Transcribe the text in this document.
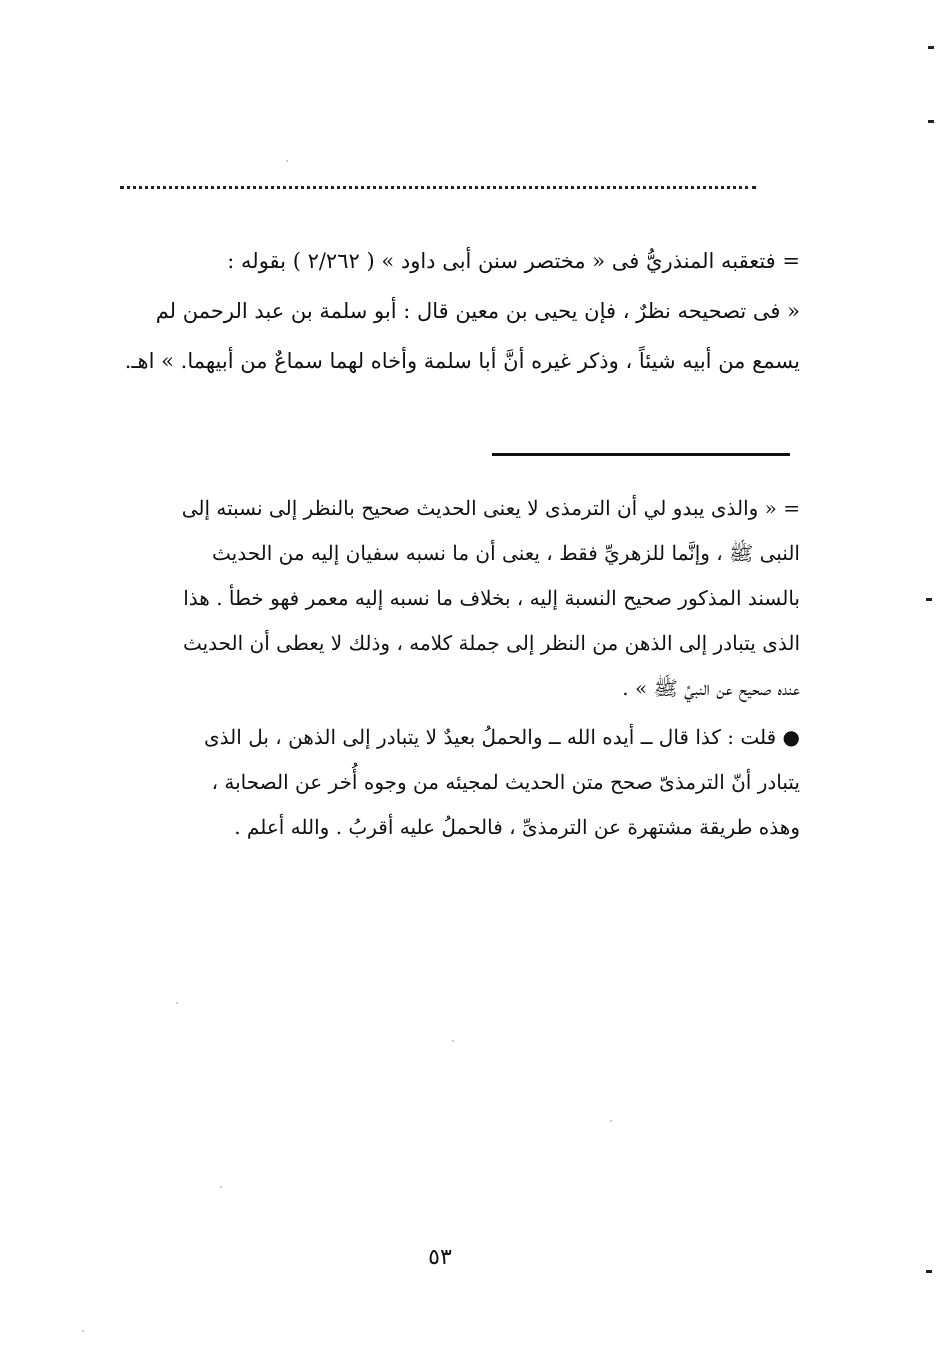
= فتعقبه المنذريُّ فى « مختصر سنن أبى داود » ( ٢/٢٦٢ ) بقوله :
« فى تصحيحه نظرٌ ، فإن يحيى بن معين قال : أبو سلمة بن عبد الرحمن لم
يسمع من أبيه شيئاً ، وذكر غيره أنَّ أبا سلمة وأخاه لهما سماعٌ من أبيهما. » اهـ.
= « والذى يبدو لي أن الترمذى لا يعنى الحديث صحيح بالنظر إلى نسبته إلى
النبى ﷺ ، وإنَّما للزهريِّ فقط ، يعنى أن ما نسبه سفيان إليه من الحديث
بالسند المذكور صحيح النسبة إليه ، بخلاف ما نسبه إليه معمر فهو خطأ . هذا
الذى يتبادر إلى الذهن من النظر إلى جملة كلامه ، وذلك لا يعطى أن الحديث
عنده صحيح عن النبيِّ ﷺ » .
● قلت : كذا قال ــ أيده الله ــ والحملُ بعيدٌ لا يتبادر إلى الذهن ، بل الذى
يتبادر أنّ الترمذىّ صحح متن الحديث لمجيئه من وجوه أُخر عن الصحابة ،
وهذه طريقة مشتهرة عن الترمذىِّ ، فالحملُ عليه أقربُ . والله أعلم .
٥٣
